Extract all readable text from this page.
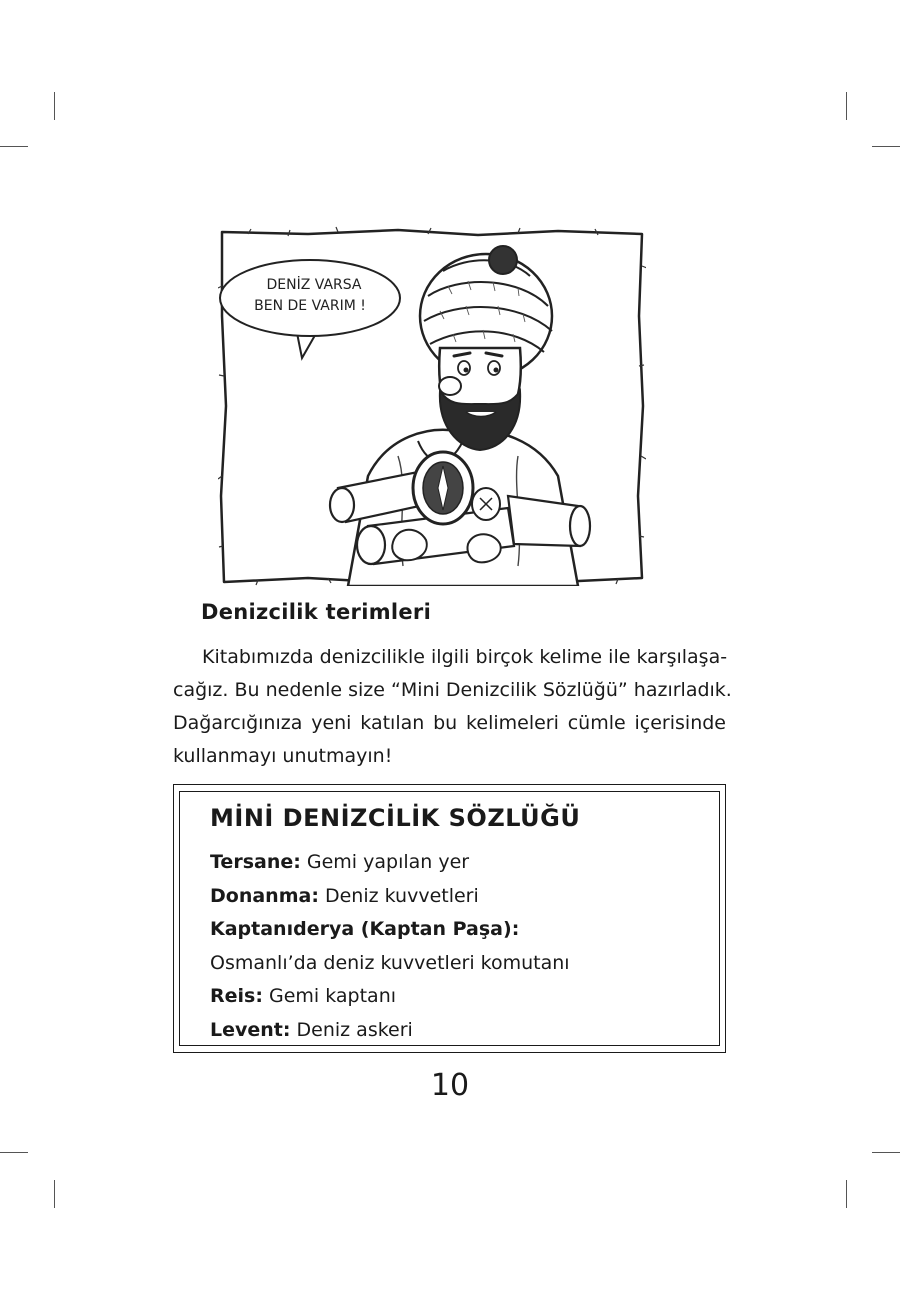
DENİZ VARSA
BEN DE VARIM !
Denizcilik terimleri
Kitabımızda denizcilikle ilgili birçok kelime ile karşılaşa-
cağız. Bu nedenle size “Mini Denizcilik Sözlüğü” hazırladık.
Dağarcığınıza yeni katılan bu kelimeleri cümle içerisinde
kullanmayı unutmayın!
MİNİ DENİZCİLİK SÖZLÜĞÜ
Tersane: Gemi yapılan yer
Donanma: Deniz kuvvetleri
Kaptanıderya (Kaptan Paşa):
Osmanlı’da deniz kuvvetleri komutanı
Reis: Gemi kaptanı
Levent: Deniz askeri
10
